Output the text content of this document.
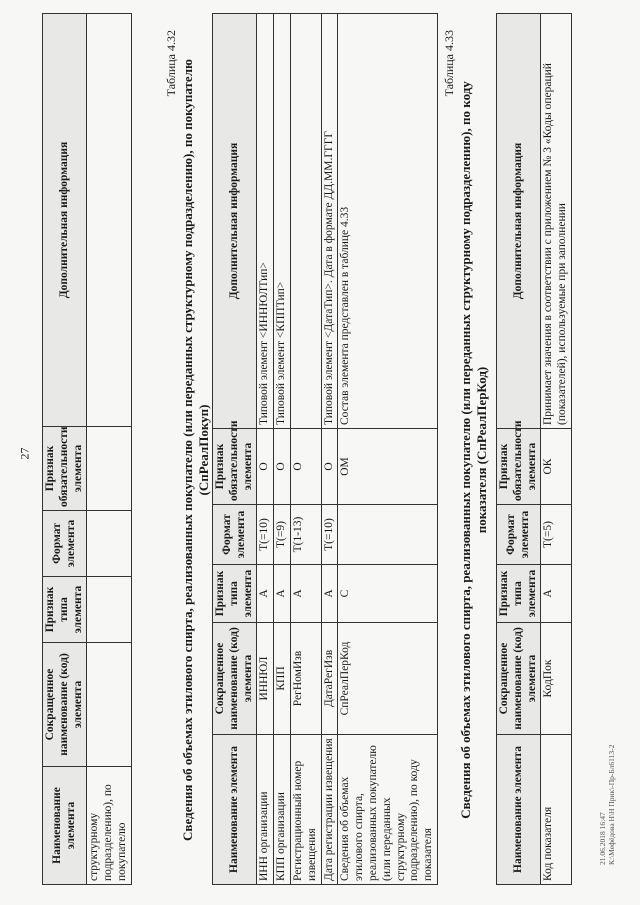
27
Наименование элемента	Сокращенное наименование (код) элемента	Признак типа элемента	Формат элемента	Признак обязательности элемента	Дополнительная информация
структурному подразделению), по покупателю					
Таблица 4.32 Сведения об объемах этилового спирта, реализованных покупателю (или переданных структурному подразделению), по покупателю (СпРеалПокуп)
Наименование элемента	Сокращенное наименование (код) элемента	Признак типа элемента	Формат элемента	Признак обязательности элемента	Дополнительная информация
ИНН организации	ИННЮЛ	А	T(=10)	О	Типовой элемент <ИННЮЛТип>
КПП организации	КПП	А	T(=9)	О	Типовой элемент <КППТип>
Регистрационный номер извещения	РегНомИзв	А	T(1-13)	О	
Дата регистрации извещения	ДатаРегИзв	А	T(=10)	О	Типовой элемент <ДатаТип>. Дата в формате ДД.ММ.ГГГГ
Сведения об объемах этилового спирта, реализованных покупателю (или переданных структурному подразделению), по коду показателя	СпРеалПерКод	С		ОМ	Состав элемента представлен в таблице 4.33
Таблица 4.33
Сведения об объемах этилового спирта, реализованных покупателю (или переданных структурному подразделению), по коду показателя (СпРеалПерКод)
Наименование элемента	Сокращенное наименование (код) элемента	Признак типа элемента	Формат элемента	Признак обязательности элемента	Дополнительная информация
Код показателя	КодПок	А	T(=5)	ОК	Принимает значения в соответствии с приложением № 3 «Коды операций (показателей), используемые при заполнении
21.06.2018 16:47 К:\Мефёдова Н\Н Прик\-Пр-Бл6113-2
